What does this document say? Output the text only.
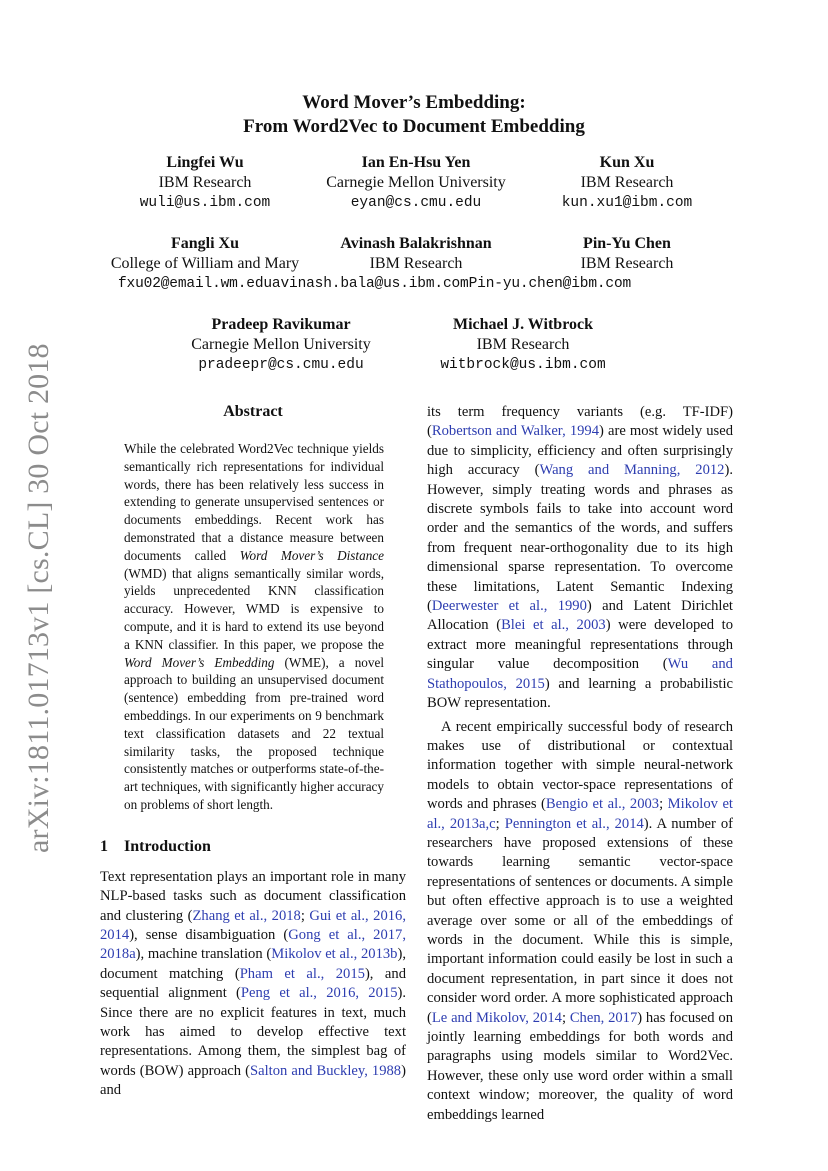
arXiv:1811.01713v1 [cs.CL] 30 Oct 2018
Word Mover’s Embedding:
From Word2Vec to Document Embedding
Lingfei Wu
IBM Research
wuli@us.ibm.com
Ian En-Hsu Yen
Carnegie Mellon University
eyan@cs.cmu.edu
Kun Xu
IBM Research
kun.xu1@ibm.com
Fangli Xu
College of William and Mary
Avinash Balakrishnan
IBM Research
Pin-Yu Chen
IBM Research
fxu02@email.wm.eduavinash.bala@us.ibm.comPin-yu.chen@ibm.com
Pradeep Ravikumar
Carnegie Mellon University
pradeepr@cs.cmu.edu
Michael J. Witbrock
IBM Research
witbrock@us.ibm.com
Abstract
While the celebrated Word2Vec technique yields semantically rich representations for individual words, there has been relatively less success in extending to generate unsupervised sentences or documents embeddings. Recent work has demonstrated that a distance measure between documents called Word Mover’s Distance (WMD) that aligns semantically similar words, yields unprecedented KNN classification accuracy. However, WMD is expensive to compute, and it is hard to extend its use beyond a KNN classifier. In this paper, we propose the Word Mover’s Embedding (WME), a novel approach to building an unsupervised document (sentence) embedding from pre-trained word embeddings. In our experiments on 9 benchmark text classification datasets and 22 textual similarity tasks, the proposed technique consistently matches or outperforms state-of-the-art techniques, with significantly higher accuracy on problems of short length.
1 Introduction
Text representation plays an important role in many NLP-based tasks such as document classification and clustering (Zhang et al., 2018; Gui et al., 2016, 2014), sense disambiguation (Gong et al., 2017, 2018a), machine translation (Mikolov et al., 2013b), document matching (Pham et al., 2015), and sequential alignment (Peng et al., 2016, 2015). Since there are no explicit features in text, much work has aimed to develop effective text representations. Among them, the simplest bag of words (BOW) approach (Salton and Buckley, 1988) and
its term frequency variants (e.g. TF-IDF) (Robertson and Walker, 1994) are most widely used due to simplicity, efficiency and often surprisingly high accuracy (Wang and Manning, 2012). However, simply treating words and phrases as discrete symbols fails to take into account word order and the semantics of the words, and suffers from frequent near-orthogonality due to its high dimensional sparse representation. To overcome these limitations, Latent Semantic Indexing (Deerwester et al., 1990) and Latent Dirichlet Allocation (Blei et al., 2003) were developed to extract more meaningful representations through singular value decomposition (Wu and Stathopoulos, 2015) and learning a probabilistic BOW representation.
A recent empirically successful body of research makes use of distributional or contextual information together with simple neural-network models to obtain vector-space representations of words and phrases (Bengio et al., 2003; Mikolov et al., 2013a,c; Pennington et al., 2014). A number of researchers have proposed extensions of these towards learning semantic vector-space representations of sentences or documents. A simple but often effective approach is to use a weighted average over some or all of the embeddings of words in the document. While this is simple, important information could easily be lost in such a document representation, in part since it does not consider word order. A more sophisticated approach (Le and Mikolov, 2014; Chen, 2017) has focused on jointly learning embeddings for both words and paragraphs using models similar to Word2Vec. However, these only use word order within a small context window; moreover, the quality of word embeddings learned
